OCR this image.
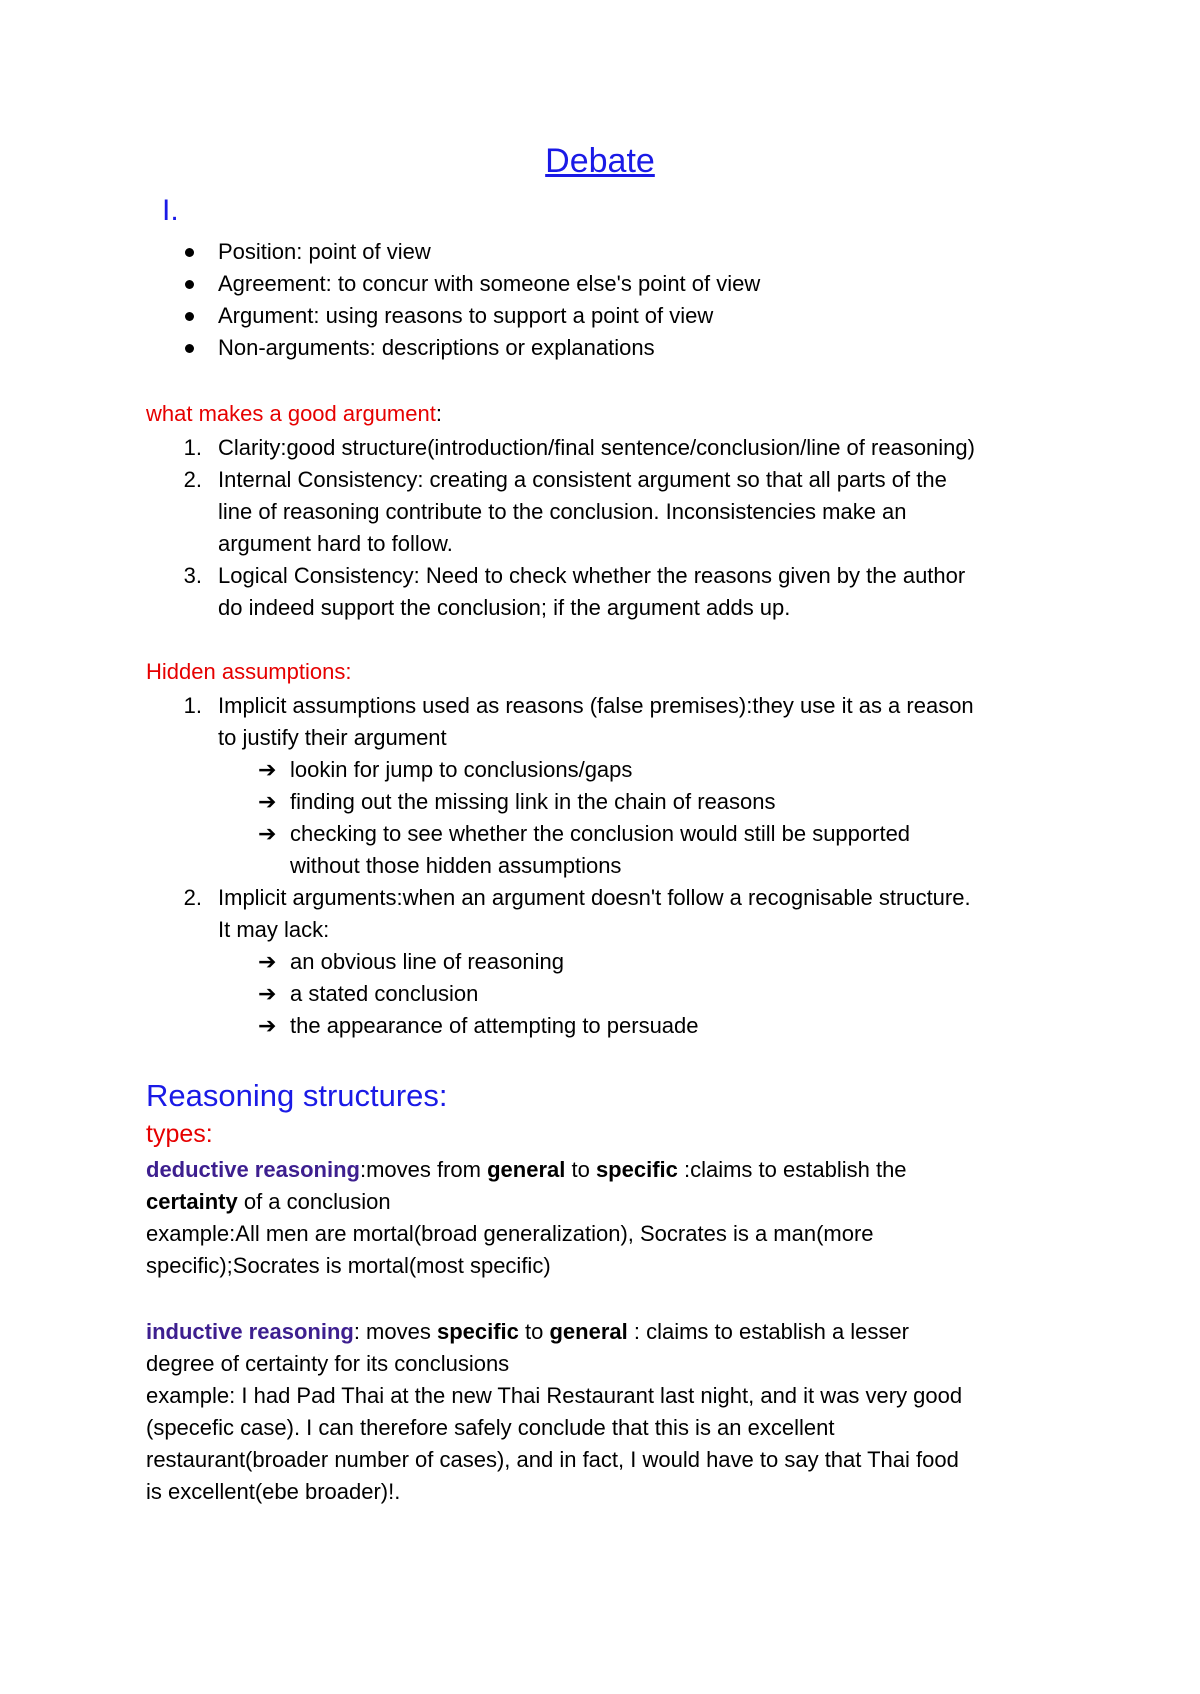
Debate
I.
Position: point of view
Agreement: to concur with someone else's point of view
Argument: using reasons to support a point of view
Non-arguments: descriptions or explanations
what makes a good argument:
1. Clarity:good structure(introduction/final sentence/conclusion/line of reasoning)
2. Internal Consistency: creating a consistent argument so that all parts of the
line of reasoning contribute to the conclusion. Inconsistencies make an
argument hard to follow.
3. Logical Consistency: Need to check whether the reasons given by the author
do indeed support the conclusion; if the argument adds up.
Hidden assumptions:
1. Implicit assumptions used as reasons (false premises):they use it as a reason
to justify their argument
➔ lookin for jump to conclusions/gaps
➔ finding out the missing link in the chain of reasons
➔ checking to see whether the conclusion would still be supported
without those hidden assumptions
2. Implicit arguments:when an argument doesn't follow a recognisable structure.
It may lack:
➔ an obvious line of reasoning
➔ a stated conclusion
➔ the appearance of attempting to persuade
Reasoning structures:
types:
deductive reasoning:moves from general to specific :claims to establish the
certainty of a conclusion
example:All men are mortal(broad generalization), Socrates is a man(more
specific);Socrates is mortal(most specific)
inductive reasoning: moves specific to general : claims to establish a lesser
degree of certainty for its conclusions
example: I had Pad Thai at the new Thai Restaurant last night, and it was very good
(specefic case). I can therefore safely conclude that this is an excellent
restaurant(broader number of cases), and in fact, I would have to say that Thai food
is excellent(ebe broader)!.
